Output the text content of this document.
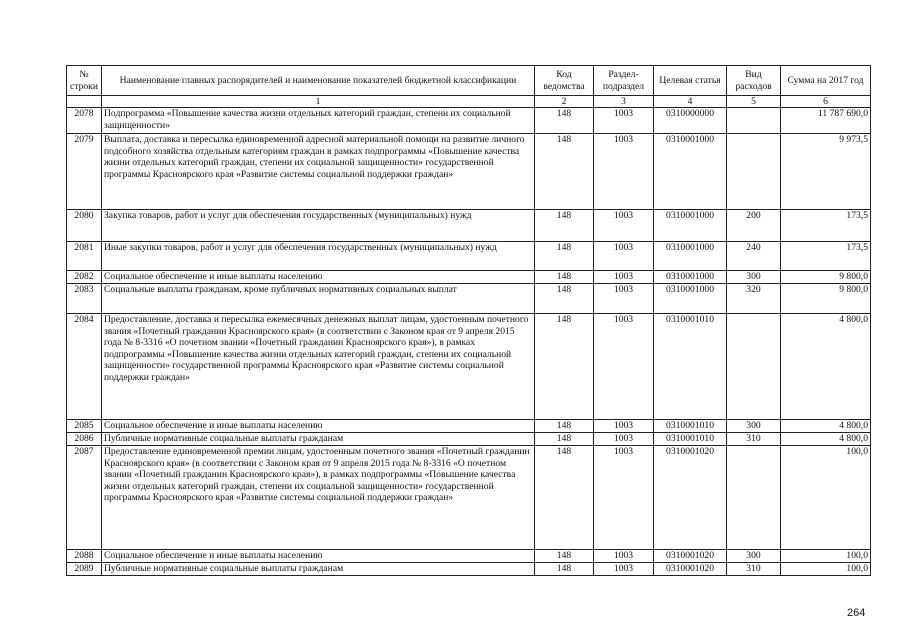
№ строки	Наименование главных распорядителей и наименование показателей бюджетной классификации	Код ведомства	Раздел-подраздел	Целевая статья	Вид расходов	Сумма на 2017 год
	1	2	3	4	5	6
2078	Подпрограмма «Повышение качества жизни отдельных категорий граждан, степени их социальной защищенности»	148	1003	0310000000		11 787 690,0
2079	Выплата, доставка и пересылка единовременной адресной материальной помощи на развитие личного подсобного хозяйства отдельным категориям граждан в рамках подпрограммы «Повышение качества жизни отдельных категорий граждан, степени их социальной защищенности» государственной программы Красноярского края «Развитие системы социальной поддержки граждан»	148	1003	0310001000		9 973,5
2080	Закупка товаров, работ и услуг для обеспечения государственных (муниципальных) нужд	148	1003	0310001000	200	173,5
2081	Иные закупки товаров, работ и услуг для обеспечения государственных (муниципальных) нужд	148	1003	0310001000	240	173,5
2082	Социальное обеспечение и иные выплаты населению	148	1003	0310001000	300	9 800,0
2083	Социальные выплаты гражданам, кроме публичных нормативных социальных выплат	148	1003	0310001000	320	9 800,0
2084	Предоставление, доставка и пересылка ежемесячных денежных выплат лицам, удостоенным почетного звания «Почетный гражданин Красноярского края» (в соответствии с Законом края от 9 апреля 2015 года № 8-3316 «О почетном звании «Почетный гражданин Красноярского края»), в рамках подпрограммы «Повышение качества жизни отдельных категорий граждан, степени их социальной защищенности» государственной программы Красноярского края «Развитие системы социальной поддержки граждан»	148	1003	0310001010		4 800,0
2085	Социальное обеспечение и иные выплаты населению	148	1003	0310001010	300	4 800,0
2086	Публичные нормативные социальные выплаты гражданам	148	1003	0310001010	310	4 800,0
2087	Предоставление единовременной премии лицам, удостоенным почетного звания «Почетный гражданин Красноярского края» (в соответствии с Законом края от 9 апреля 2015 года № 8-3316 «О почетном звании «Почетный гражданин Красноярского края»), в рамках подпрограммы «Повышение качества жизни отдельных категорий граждан, степени их социальной защищенности» государственной программы Красноярского края «Развитие системы социальной поддержки граждан»	148	1003	0310001020		100,0
2088	Социальное обеспечение и иные выплаты населению	148	1003	0310001020	300	100,0
2089	Публичные нормативные социальные выплаты гражданам	148	1003	0310001020	310	100,0
264
